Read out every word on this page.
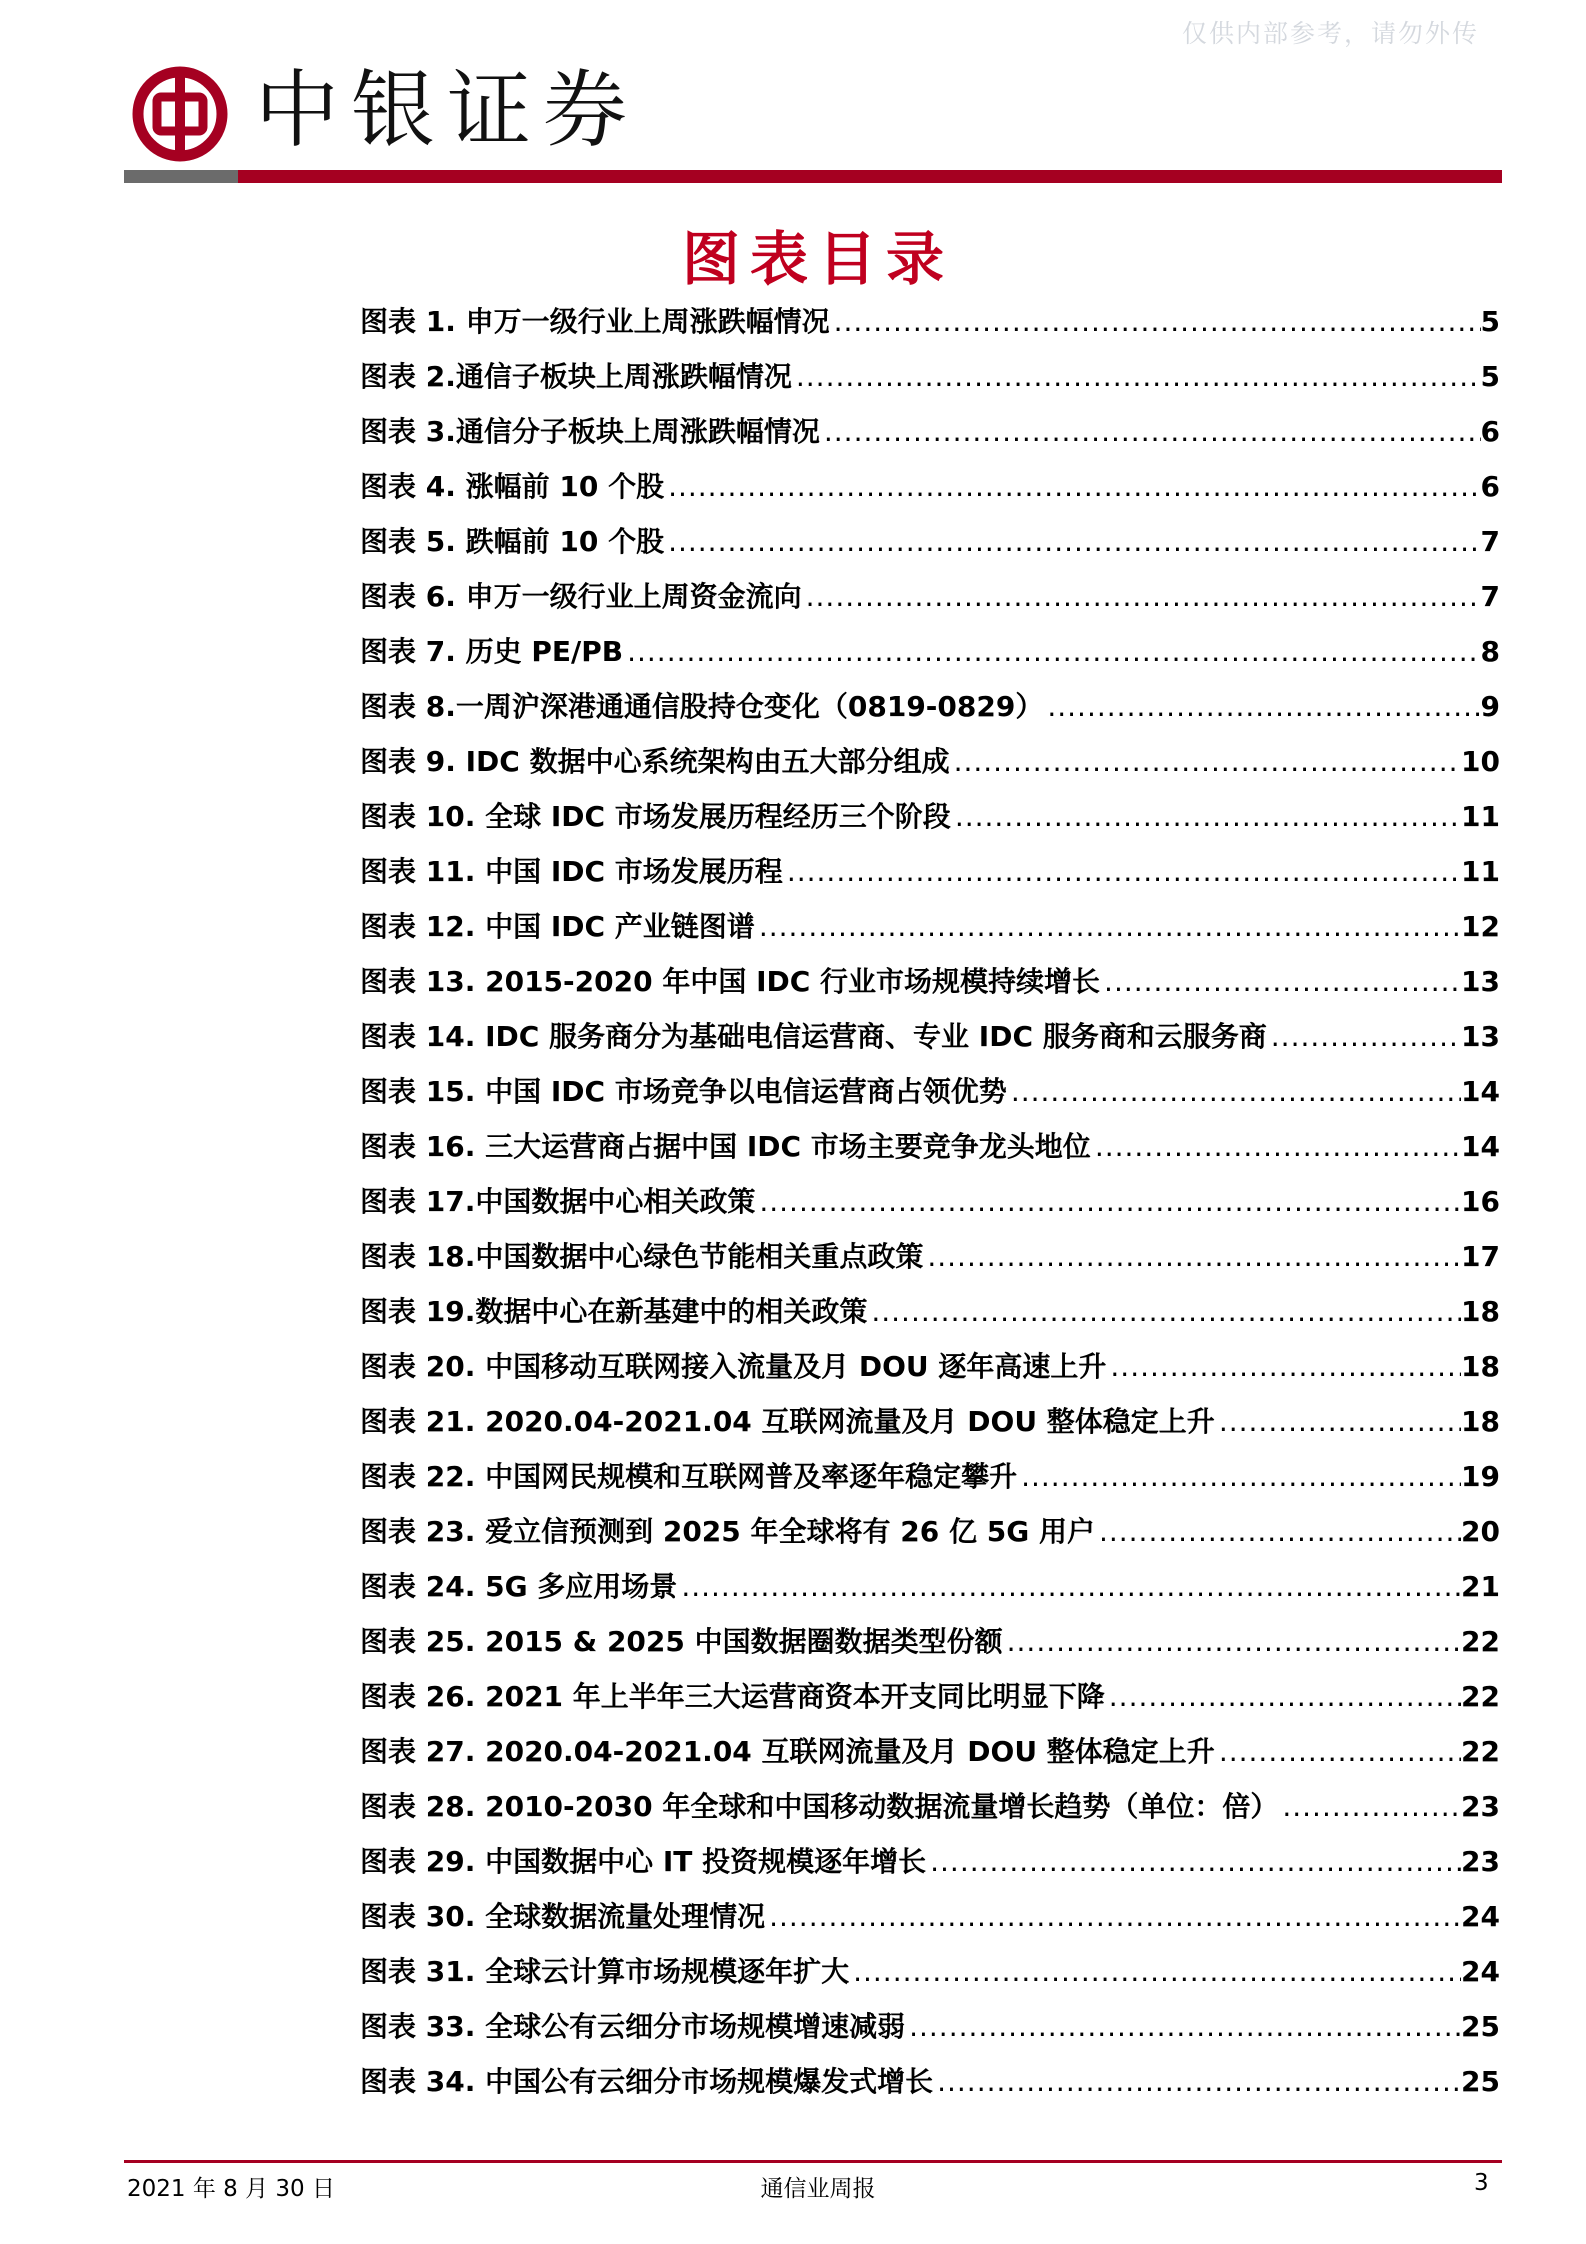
仅供内部参考，请勿外传
中银证券
图表目录
图表 1. 申万一级行业上周涨跌幅情况 .....	5
图表 2.通信子板块上周涨跌幅情况 .....	5
图表 3.通信分子板块上周涨跌幅情况 .....	6
图表 4. 涨幅前 10 个股 .....	6
图表 5. 跌幅前 10 个股 .....	7
图表 6. 申万一级行业上周资金流向 .....	7
图表 7. 历史 PE/PB .....	8
图表 8.一周沪深港通通信股持仓变化（0819-0829） .....	9
图表 9. IDC 数据中心系统架构由五大部分组成 .....	10
图表 10. 全球 IDC 市场发展历程经历三个阶段 .....	11
图表 11. 中国 IDC 市场发展历程 .....	11
图表 12. 中国 IDC 产业链图谱 .....	12
图表 13. 2015-2020 年中国 IDC 行业市场规模持续增长 .....	13
图表 14. IDC 服务商分为基础电信运营商、专业 IDC 服务商和云服务商 .....	13
图表 15. 中国 IDC 市场竞争以电信运营商占领优势 .....	14
图表 16. 三大运营商占据中国 IDC 市场主要竞争龙头地位 .....	14
图表 17.中国数据中心相关政策 .....	16
图表 18.中国数据中心绿色节能相关重点政策 .....	17
图表 19.数据中心在新基建中的相关政策 .....	18
图表 20. 中国移动互联网接入流量及月 DOU 逐年高速上升 .....	18
图表 21. 2020.04-2021.04 互联网流量及月 DOU 整体稳定上升 .....	18
图表 22. 中国网民规模和互联网普及率逐年稳定攀升 .....	19
图表 23. 爱立信预测到 2025 年全球将有 26 亿 5G 用户 .....	20
图表 24. 5G 多应用场景 .....	21
图表 25. 2015 & 2025 中国数据圈数据类型份额 .....	22
图表 26. 2021 年上半年三大运营商资本开支同比明显下降 .....	22
图表 27. 2020.04-2021.04 互联网流量及月 DOU 整体稳定上升 .....	22
图表 28. 2010-2030 年全球和中国移动数据流量增长趋势（单位：倍） .....	23
图表 29. 中国数据中心 IT 投资规模逐年增长 .....	23
图表 30. 全球数据流量处理情况 .....	24
图表 31. 全球云计算市场规模逐年扩大 .....	24
图表 33. 全球公有云细分市场规模增速减弱 .....	25
图表 34. 中国公有云细分市场规模爆发式增长 .....	25
2021 年 8 月 30 日	通信业周报	3
